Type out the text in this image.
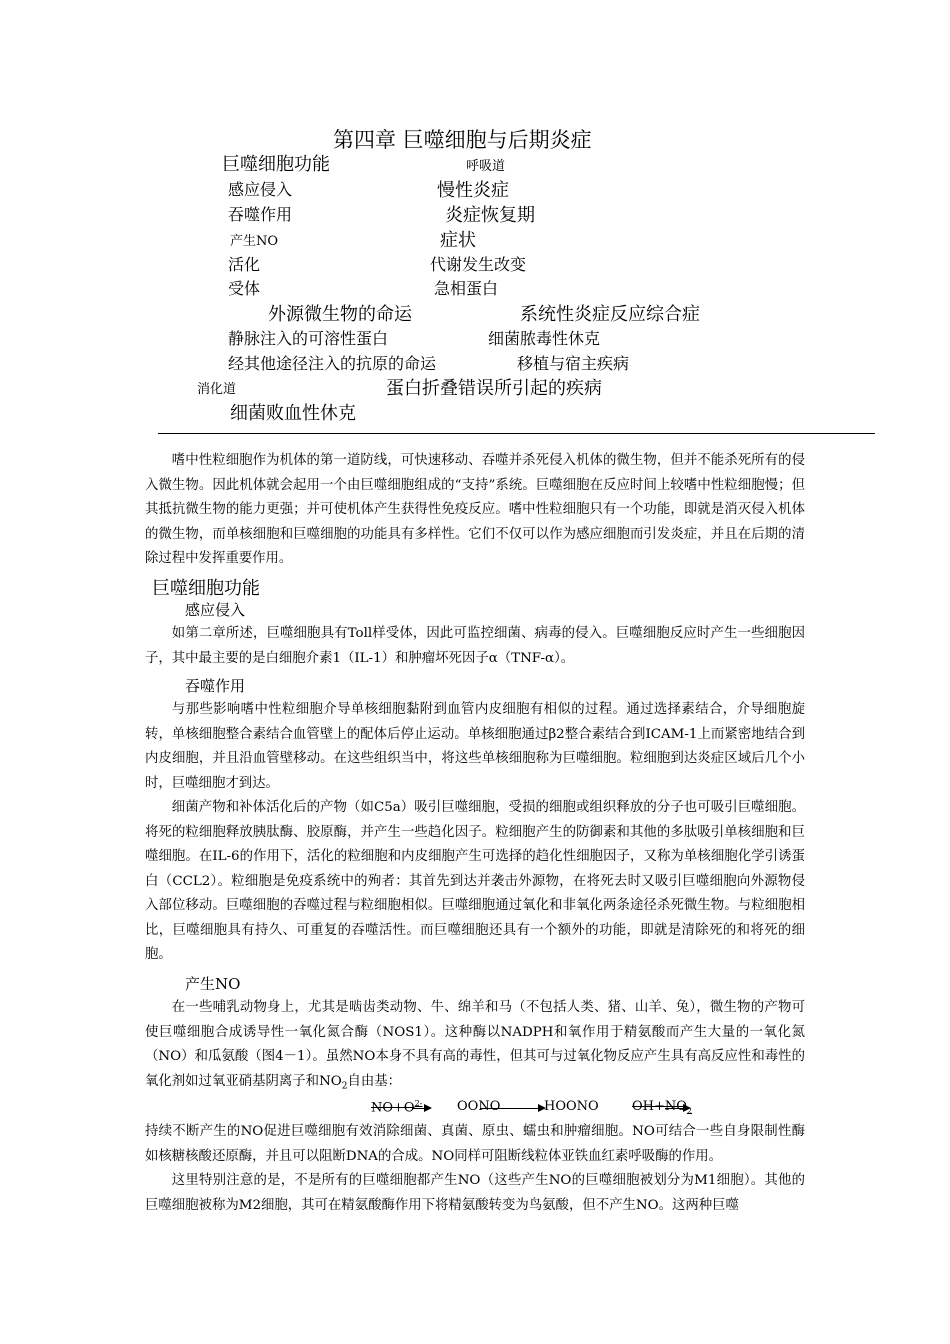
第四章 巨噬细胞与后期炎症
巨噬细胞功能
感应侵入
吞噬作用
产生NO
活化
受体
外源微生物的命运
静脉注入的可溶性蛋白
经其他途径注入的抗原的命运
消化道
细菌败血性休克
呼吸道
慢性炎症
炎症恢复期
症状
代谢发生改变
急相蛋白
系统性炎症反应综合症
细菌脓毒性休克
移植与宿主疾病
蛋白折叠错误所引起的疾病
嗜中性粒细胞作为机体的第一道防线，可快速移动、吞噬并杀死侵入机体的微生物，但并不能杀死所有的侵入微生物。因此机体就会起用一个由巨噬细胞组成的“支持”系统。巨噬细胞在反应时间上较嗜中性粒细胞慢；但其抵抗微生物的能力更强；并可使机体产生获得性免疫反应。嗜中性粒细胞只有一个功能，即就是消灭侵入机体的微生物，而单核细胞和巨噬细胞的功能具有多样性。它们不仅可以作为感应细胞而引发炎症，并且在后期的清除过程中发挥重要作用。
巨噬细胞功能
感应侵入
如第二章所述，巨噬细胞具有Toll样受体，因此可监控细菌、病毒的侵入。巨噬细胞反应时产生一些细胞因子，其中最主要的是白细胞介素1（IL-1）和肿瘤坏死因子α（TNF-α）。
吞噬作用
与那些影响嗜中性粒细胞介导单核细胞黏附到血管内皮细胞有相似的过程。通过选择素结合，介导细胞旋转，单核细胞整合素结合血管壁上的配体后停止运动。单核细胞通过β2整合素结合到ICAM-1上而紧密地结合到内皮细胞，并且沿血管壁移动。在这些组织当中，将这些单核细胞称为巨噬细胞。粒细胞到达炎症区域后几个小时，巨噬细胞才到达。
细菌产物和补体活化后的产物（如C5a）吸引巨噬细胞，受损的细胞或组织释放的分子也可吸引巨噬细胞。将死的粒细胞释放胰肽酶、胶原酶，并产生一些趋化因子。粒细胞产生的防御素和其他的多肽吸引单核细胞和巨噬细胞。在IL-6的作用下，活化的粒细胞和内皮细胞产生可选择的趋化性细胞因子，又称为单核细胞化学引诱蛋白（CCL2）。粒细胞是免疫系统中的殉者：其首先到达并袭击外源物，在将死去时又吸引巨噬细胞向外源物侵入部位移动。巨噬细胞的吞噬过程与粒细胞相似。巨噬细胞通过氧化和非氧化两条途径杀死微生物。与粒细胞相比，巨噬细胞具有持久、可重复的吞噬活性。而巨噬细胞还具有一个额外的功能，即就是清除死的和将死的细胞。
产生NO
在一些哺乳动物身上，尤其是啮齿类动物、牛、绵羊和马（不包括人类、猪、山羊、兔），微生物的产物可使巨噬细胞合成诱导性一氧化氮合酶（NOS1）。这种酶以NADPH和氧作用于精氨酸而产生大量的一氧化氮（NO）和瓜氨酸（图4－1）。虽然NO本身不具有高的毒性，但其可与过氧化物反应产生具有高反应性和毒性的氧化剂如过氧亚硝基阴离子和$NO_2$自由基：
$NO+O^{2-}$	OONO → HOONO	$OH+NO_2$
持续不断产生的NO促进巨噬细胞有效消除细菌、真菌、原虫、蠕虫和肿瘤细胞。NO可结合一些自身限制性酶如核糖核酸还原酶，并且可以阻断DNA的合成。NO同样可阻断线粒体亚铁血红素呼吸酶的作用。
这里特别注意的是，不是所有的巨噬细胞都产生NO（这些产生NO的巨噬细胞被划分为M1细胞）。其他的巨噬细胞被称为M2细胞，其可在精氨酸酶作用下将精氨酸转变为鸟氨酸，但不产生NO。这两种巨噬
